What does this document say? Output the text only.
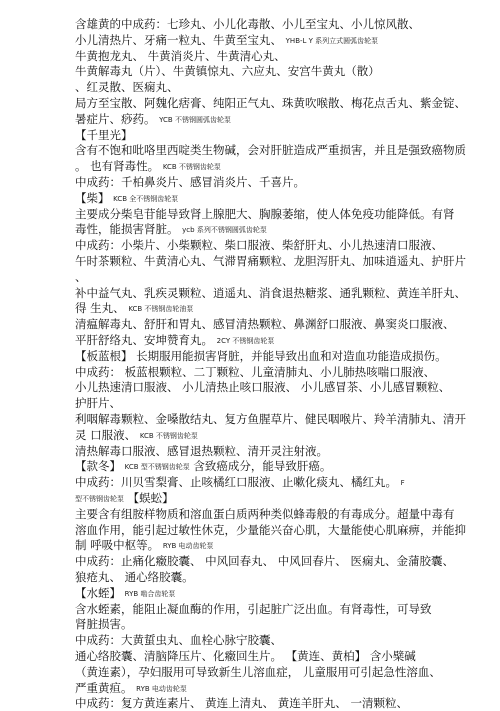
含雄黄的中成药：七珍丸、小儿化毒散、小儿至宝丸、小儿惊风散、
小儿清热片、牙痛一粒丸、牛黄至宝丸、 YHB-L Y 系列立式圆弧齿轮泵
牛黄抱龙丸、 牛黄消炎片、牛黄清心丸、
牛黄解毒丸（片）、牛黄镇惊丸、六应丸、安宫牛黄丸（散）
、红灵散、医痫丸、
局方至宝散、阿魏化痞膏、纯阳正气丸、珠黄吹喉散、梅花点舌丸、紫金锭、
暑症片、痧药。 YCB 不锈钢圆弧齿轮泵
【千里光】
含有不饱和吡咯里西啶类生物碱，会对肝脏造成严重损害，并且是强致癌物质
。 也有肾毒性。 KCB 不锈钢齿轮泵
中成药：千柏鼻炎片、感冒消炎片、千喜片。
【柴】 KCB 全不锈钢齿轮泵
主要成分柴皂苷能导致肾上腺肥大、胸腺萎缩，使人体免疫功能降低。有肾
毒性，能损害肾脏。 ycb 系列不锈钢圆弧齿轮泵
中成药：小柴片、小柴颗粒、柴口服液、柴舒肝丸、小儿热速清口服液、
午时茶颗粒、牛黄清心丸、气滞胃痛颗粒、龙胆泻肝丸、加味逍遥丸、护肝片
、
补中益气丸、乳疾灵颗粒、逍遥丸、消食退热糖浆、通乳颗粒、黄连羊肝丸、
得 生丸、 KCB 不锈钢齿轮油泵
清瘟解毒丸、舒肝和胃丸、感冒清热颗粒、鼻渊舒口服液、鼻窦炎口服液、
平肝舒络丸、安坤赞育丸。 2CY 不锈钢齿轮泵
【板蓝根】 长期服用能损害肾脏，并能导致出血和对造血功能造成损伤。
中成药： 板蓝根颗粒、二丁颗粒、儿童清肺丸、小儿肺热咳喘口服液、
小儿热速清口服液、 小儿清热止咳口服液、 小儿感冒茶、小儿感冒颗粒、
护肝片、
利咽解毒颗粒、金嗓散结丸、复方鱼腥草片、健民咽喉片、羚羊清肺丸、清开
灵 口服液、 KCB 不锈钢齿轮泵
清热解毒口服液、感冒退热颗粒、清开灵注射液。
【款冬】 KCB 型不锈钢齿轮泵 含致癌成分，能导致肝癌。
中成药：川贝雪梨膏、止咳橘红口服液、止嗽化痰丸、橘红丸。 F
型不锈钢齿轮泵 【蜈蚣】
主要含有组胺样物质和溶血蛋白质两种类似蜂毒般的有毒成分。超量中毒有
溶血作用，能引起过敏性休克，少量能兴奋心肌，大量能使心肌麻痹，并能抑
制 呼吸中枢等。 RYB 电动齿轮泵
中成药：止痛化癥胶囊、 中风回春丸、 中风回春片、 医痫丸、金蒲胶囊、
狼疮丸、 通心络胶囊。
【水蛭】 RYB 啮合齿轮泵
含水蛭素，能阻止凝血酶的作用，引起脏广泛出血。有肾毒性，可导致
肾脏损害。
中成药：大黄蜇虫丸、血栓心脉宁胶囊、
通心络胶囊、清脑降压片、化癥回生片。 【黄连、黄柏】 含小檗碱
（黄连素），孕妇服用可导致新生儿溶血症， 儿童服用可引起急性溶血、
严重黄疸。 RYB 电动齿轮泵
中成药：复方黄连素片、 黄连上清丸、 黄连羊肝丸、 一清颗粒、
